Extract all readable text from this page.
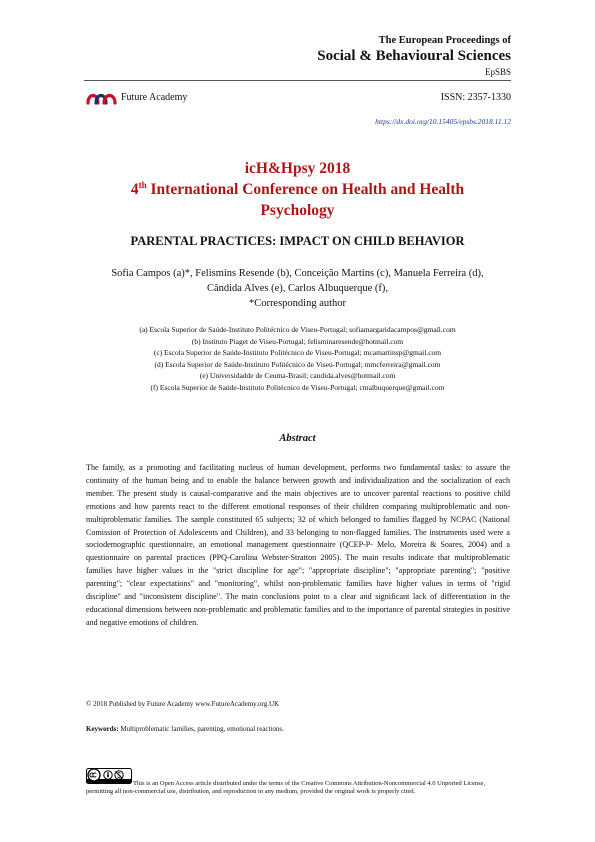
The European Proceedings of
Social & Behavioural Sciences
EpSBS
Future Academy	ISSN: 2357-1330
https://dx.doi.org/10.15405/epsbs.2018.11.12
icH&Hpsy 2018
4th International Conference on Health and Health
Psychology
PARENTAL PRACTICES: IMPACT ON CHILD BEHAVIOR
Sofia Campos (a)*, Felismins Resende (b), Conceição Martins (c), Manuela Ferreira (d),
Cândida Alves (e), Carlos Albuquerque (f),
*Corresponding author
(a) Escola Superior de Saúde-Instituto Politécnico de Viseu-Portugal; sofiamargaridacampos@gmail.com
(b) Instituto Piaget de Viseu-Portugal; felisminaresende@hotmail.com
(c) Escola Superior de Saúde-Instituto Politécnico de Viseu-Portugal; mcamartinsp@gmail.com
(d) Escola Superior de Saúde-Instituto Politécnico de Viseu-Portugal; mmcferreira@gmail.com
(e) Universidadde de Ceuma-Brasil; candida.alves@hotmail.com
(f) Escola Superior de Saúde-Instituto Politécnico de Viseu-Portugal; cmalbuquerque@gmail.com
Abstract
The family, as a promoting and facilitating nucleus of human development, performs two fundamental tasks: to assure the continuity of the human being and to enable the balance between growth and individualization and the socialization of each member. The present study is causal-comparative and the main objectives are to uncover parental reactions to positive child emotions and how parents react to the different emotional responses of their children comparing multiproblematic and non-multiproblematic families. The sample constituted 65 subjects; 32 of which belonged to families flagged by NCPAC (National Comission of Protection of Adolescents and Children), and 33 belonging to non-flagged families. The instruments used were a sociodemographic questionnaire, an emotional management questionnaire (QCEP-P- Melo, Moreira & Soares, 2004) and a questionnaire on parental practices (PPQ-Carolina Webster-Stratton 2005). The main results indicate that multiproblematic families have higher values in the "strict discipline for age"; "appropriate discipline"; "appropriate parenting"; "positive parenting"; "clear expectations" and "monitoring", whilst non-problematic families have higher values in terms of "rigid discipline" and "inconsistent discipline". The main conclusions point to a clear and significant lack of differentiation in the educational dimensions between non-problematic and problematic families and to the importance of parental strategies in positive and negative emotions of children.
© 2018 Published by Future Academy www.FutureAcademy.org.UK
Keywords: Multiproblematic families, parenting, emotional reactions.
This is an Open Access article distributed under the terms of the Creative Commons Attribution-Noncommercial 4.0 Unported License, permitting all non-commercial use, distribution, and reproduction in any medium, provided the original work is properly cited.
